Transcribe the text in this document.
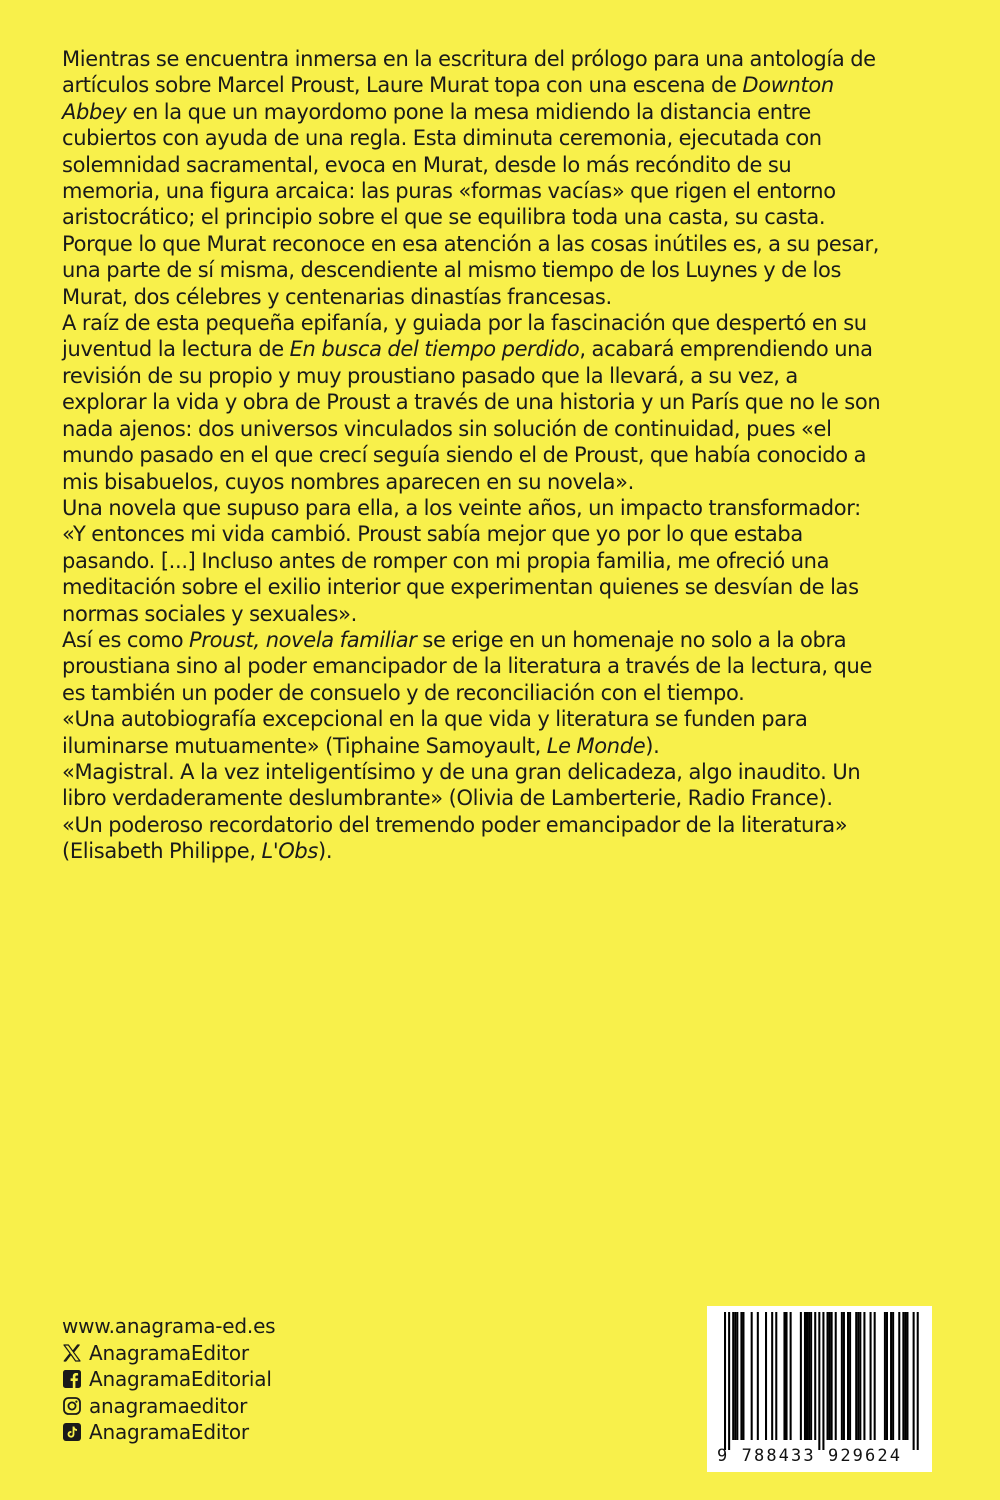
Mientras se encuentra inmersa en la escritura del prólogo para una antología de artículos sobre Marcel Proust, Laure Murat topa con una escena de Downton Abbey en la que un mayordomo pone la mesa midiendo la distancia entre cubiertos con ayuda de una regla. Esta diminuta ceremonia, ejecutada con solemnidad sacramental, evoca en Murat, desde lo más recóndito de su memoria, una figura arcaica: las puras «formas vacías» que rigen el entorno aristocrático; el principio sobre el que se equilibra toda una casta, su casta. Porque lo que Murat reconoce en esa atención a las cosas inútiles es, a su pesar, una parte de sí misma, descendiente al mismo tiempo de los Luynes y de los Murat, dos célebres y centenarias dinastías francesas.

A raíz de esta pequeña epifanía, y guiada por la fascinación que despertó en su juventud la lectura de En busca del tiempo perdido, acabará emprendiendo una revisión de su propio y muy proustiano pasado que la llevará, a su vez, a explorar la vida y obra de Proust a través de una historia y un París que no le son nada ajenos: dos universos vinculados sin solución de continuidad, pues «el mundo pasado en el que crecí seguía siendo el de Proust, que había conocido a mis bisabuelos, cuyos nombres aparecen en su novela».

Una novela que supuso para ella, a los veinte años, un impacto transformador: «Y entonces mi vida cambió. Proust sabía mejor que yo por lo que estaba pasando. [...] Incluso antes de romper con mi propia familia, me ofreció una meditación sobre el exilio interior que experimentan quienes se desvían de las normas sociales y sexuales».

Así es como Proust, novela familiar se erige en un homenaje no solo a la obra proustiana sino al poder emancipador de la literatura a través de la lectura, que es también un poder de consuelo y de reconciliación con el tiempo.

«Una autobiografía excepcional en la que vida y literatura se funden para iluminarse mutuamente» (Tiphaine Samoyault, Le Monde).

«Magistral. A la vez inteligentísimo y de una gran delicadeza, algo inaudito. Un libro verdaderamente deslumbrante» (Olivia de Lamberterie, Radio France).

«Un poderoso recordatorio del tremendo poder emancipador de la literatura» (Elisabeth Philippe, L'Obs).

www.anagrama-ed.es
AnagramaEditor
AnagramaEditorial
anagramaeditor
AnagramaEditor
9 788433 929624
